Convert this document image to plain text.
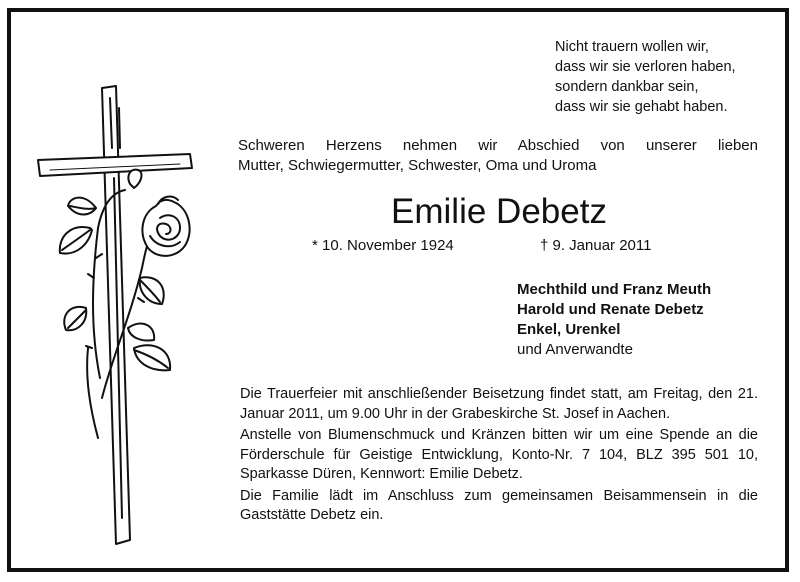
Nicht trauern wollen wir,
dass wir sie verloren haben,
sondern dankbar sein,
dass wir sie gehabt haben.
Schweren Herzens nehmen wir Abschied von unserer lieben
Mutter, Schwiegermutter, Schwester, Oma und Uroma
Emilie Debetz
* 10. November 1924	† 9. Januar 2011
Mechthild und Franz Meuth
Harold und Renate Debetz
Enkel, Urenkel
und Anverwandte

Die Trauerfeier mit anschließender Beisetzung findet statt, am Freitag, den 21. Januar 2011, um 9.00 Uhr in der Grabeskirche St. Josef in Aachen.

Anstelle von Blumenschmuck und Kränzen bitten wir um eine Spende an die Förderschule für Geistige Entwicklung, Konto-Nr. 7 104, BLZ 395 501 10, Sparkasse Düren, Kennwort: Emilie Debetz.

Die Familie lädt im Anschluss zum gemeinsamen Beisammensein in die Gaststätte Debetz ein.
